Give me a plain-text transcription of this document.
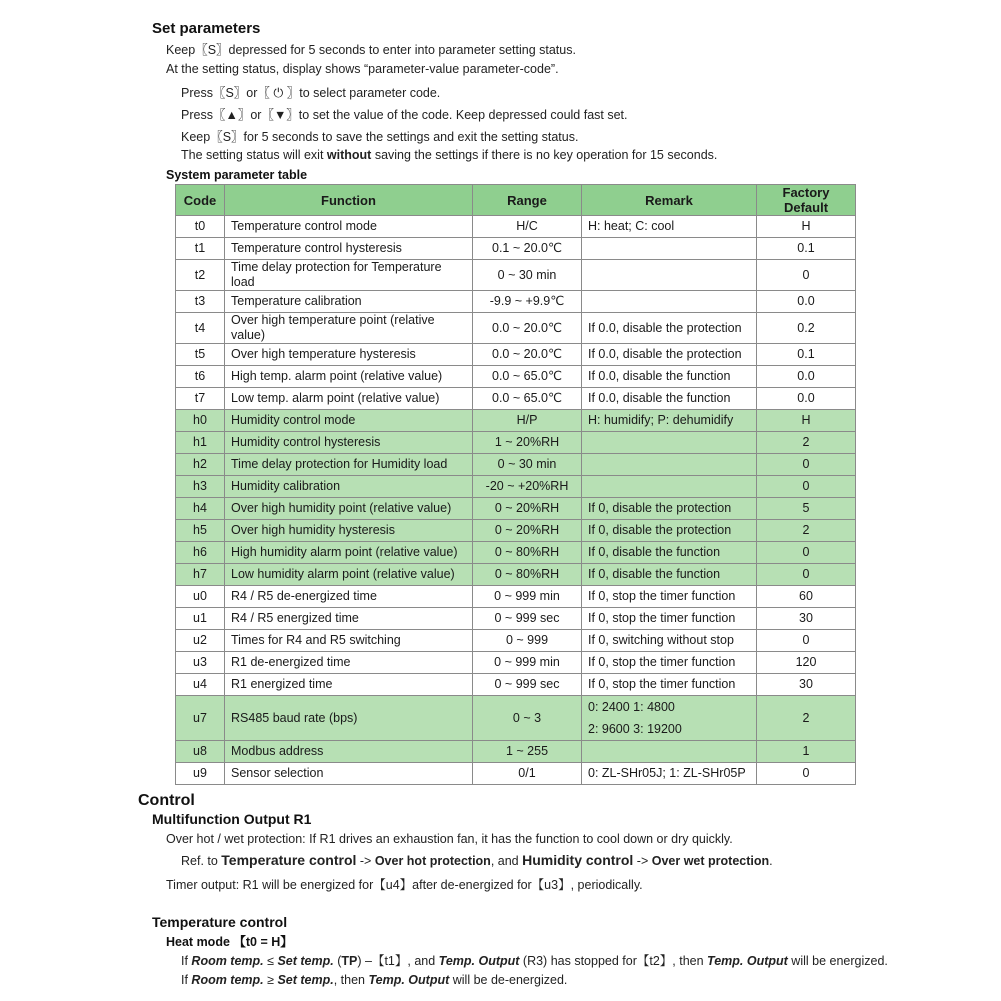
Set parameters
Keep〖S〗depressed for 5 seconds to enter into parameter setting status.
At the setting status, display shows “parameter-value parameter-code”.
Press〖S〗or〖 ⏻ 〗to select parameter code.
Press〖▲〗or〖▼〗to set the value of the code. Keep depressed could fast set.
Keep〖S〗for 5 seconds to save the settings and exit the setting status.
The setting status will exit without saving the settings if there is no key operation for 15 seconds.
System parameter table
Code	Function	Range	Remark	Factory Default
t0	Temperature control mode	H/C	H: heat; C: cool	H
t1	Temperature control hysteresis	0.1 ~ 20.0℃		0.1
t2	Time delay protection for Temperature load	0 ~ 30 min		0
t3	Temperature calibration	-9.9 ~ +9.9℃		0.0
t4	Over high temperature point (relative value)	0.0 ~ 20.0℃	If 0.0, disable the protection	0.2
t5	Over high temperature hysteresis	0.0 ~ 20.0℃	If 0.0, disable the protection	0.1
t6	High temp. alarm point (relative value)	0.0 ~ 65.0℃	If 0.0, disable the function	0.0
t7	Low temp. alarm point (relative value)	0.0 ~ 65.0℃	If 0.0, disable the function	0.0
h0	Humidity control mode	H/P	H: humidify; P: dehumidify	H
h1	Humidity control hysteresis	1 ~ 20%RH		2
h2	Time delay protection for Humidity load	0 ~ 30 min		0
h3	Humidity calibration	-20 ~ +20%RH		0
h4	Over high humidity point (relative value)	0 ~ 20%RH	If 0, disable the protection	5
h5	Over high humidity hysteresis	0 ~ 20%RH	If 0, disable the protection	2
h6	High humidity alarm point (relative value)	0 ~ 80%RH	If 0, disable the function	0
h7	Low humidity alarm point (relative value)	0 ~ 80%RH	If 0, disable the function	0
u0	R4 / R5 de-energized time	0 ~ 999 min	If 0, stop the timer function	60
u1	R4 / R5 energized time	0 ~ 999 sec	If 0, stop the timer function	30
u2	Times for R4 and R5 switching	0 ~ 999	If 0, switching without stop	0
u3	R1 de-energized time	0 ~ 999 min	If 0, stop the timer function	120
u4	R1 energized time	0 ~ 999 sec	If 0, stop the timer function	30
u7	RS485 baud rate (bps)	0 ~ 3	0: 2400 1: 4800
2: 9600 3: 19200	2
u8	Modbus address	1 ~ 255		1
u9	Sensor selection	0/1	0: ZL-SHr05J; 1: ZL-SHr05P	0
Control
Multifunction Output R1
Over hot / wet protection: If R1 drives an exhaustion fan, it has the function to cool down or dry quickly.
Ref. to Temperature control -> Over hot protection, and Humidity control -> Over wet protection.
Timer output: R1 will be energized for【u4】after de-energized for【u3】, periodically.
Temperature control
Heat mode 【t0 = H】
If Room temp. ≤ Set temp. (TP) –【t1】, and Temp. Output (R3) has stopped for【t2】, then Temp. Output will be energized.
If Room temp. ≥ Set temp., then Temp. Output will be de-energized.
